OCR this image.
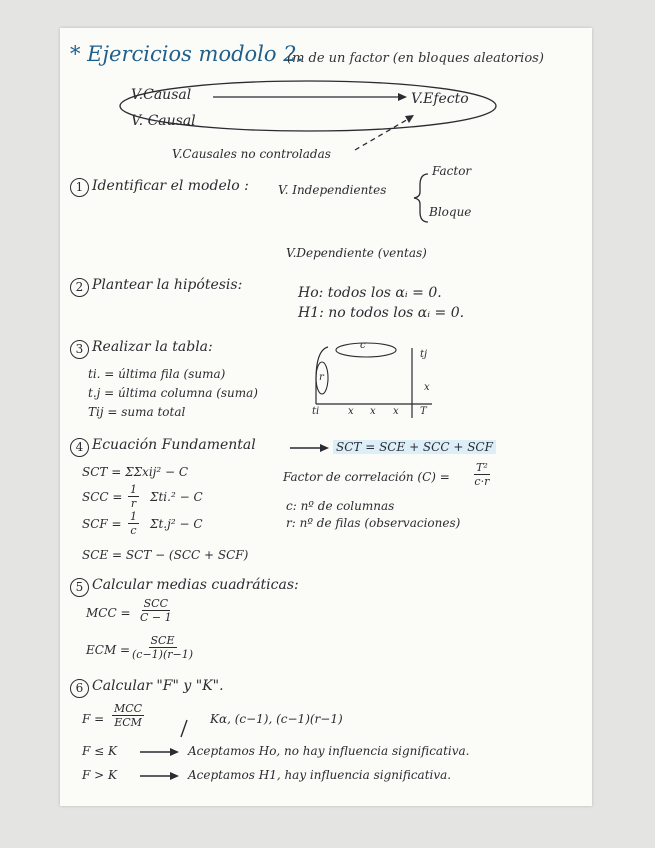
* Ejercicios modolo 2.
(m de un factor (en bloques aleatorios)
V.Causal
V. Causal
V.Efecto
V.Causales no controladas
1 Identificar el modelo : V. Independientes
Factor
Bloque
V.Dependiente (ventas)
2 Plantear la hipótesis:	Ho: todos los αᵢ = 0.
H1: no todos los αᵢ = 0.
3 Realizar la tabla:
ti. = última fila (suma)
t.j = última columna (suma)
Tij = suma total
c
r
tj
ti	T
x
x x x
4 Ecuación Fundamental	SCT = SCE + SCC + SCF
SCT = ΣΣxij² − C
SCC = $\frac{1}{r} \Sigma ti.^2 - C$
SCF = $\frac{1}{c} \Sigma t.j^2 - C$
SCE = SCT − (SCC + SCF)
Factor de correlación $(C) = \frac{\text{T²}}{c\cdot r}$
c: nº de columnas
r: nº de filas (observaciones)
5 Calcular medias cuadráticas:
MCC =
SCC
C − 1
ECM =
SCE
(c−1)(r−1)
6 Calcular "F" y "K".
F =
MCC
ECM	Kα, (c−1), (c−1)(r−1)
F ≤ K	Aceptamos Ho, no hay influencia significativa.
F > K	Aceptamos H1, hay influencia significativa.
